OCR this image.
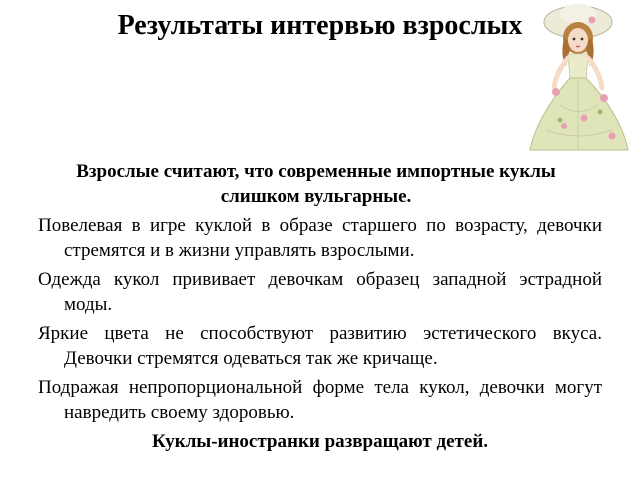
Результаты интервью взрослых

Взрослые считают, что современные импортные куклы слишком вульгарные.

Повелевая в игре куклой в образе старшего по возрасту, девочки стремятся и в жизни управлять взрослыми.

Одежда кукол прививает девочкам образец западной эстрадной моды.

Яркие цвета не способствуют развитию эстетического вкуса. Девочки стремятся одеваться так же кричаще.

Подражая непропорциональной форме тела кукол, девочки могут навредить своему здоровью.

Куклы-иностранки развращают детей.
